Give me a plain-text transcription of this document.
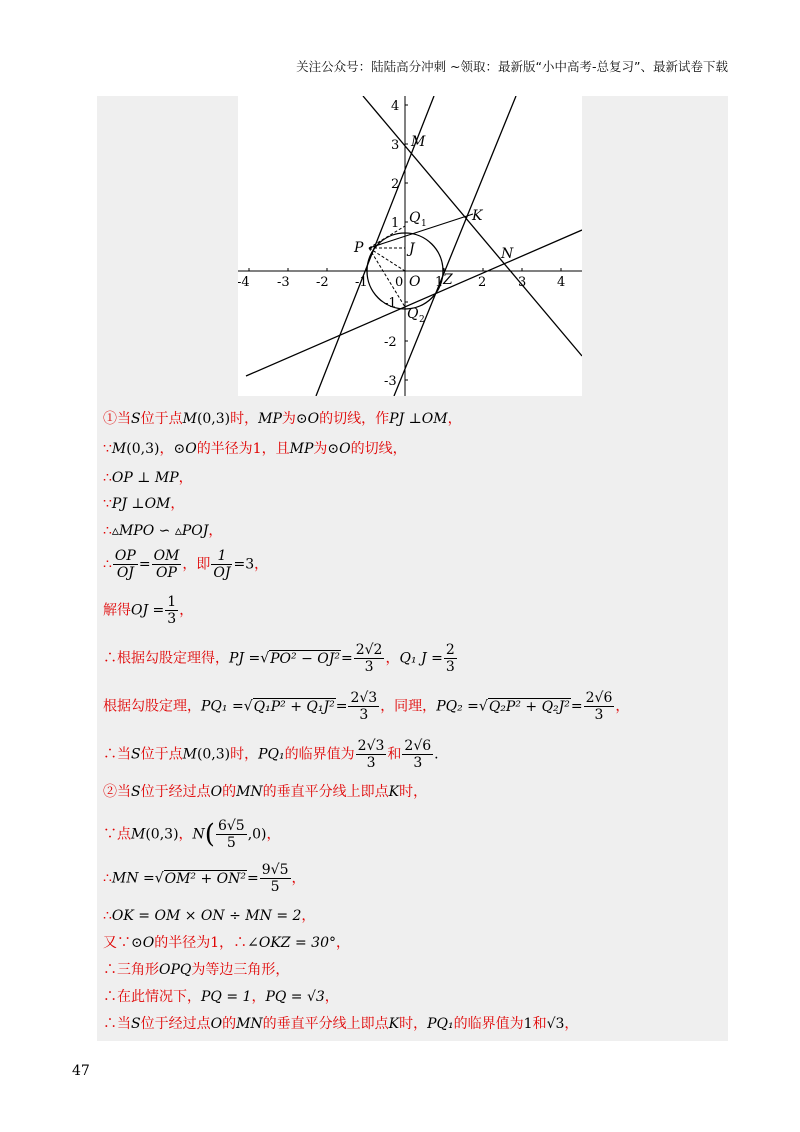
关注公众号：陆陆高分冲刺 ~领取：最新版“小中高考-总复习”、最新试卷下载
-4 -3 -2 -1 0 1	2 3 4
4
3
2
1
-1
-2
-3
M
K
Q 1
P	J	N
O Z
Q 2
①当S位于点M(0,3)时，MP为⊙O的切线，作PJ ⊥OM，
∵M(0,3)，⊙O的半径为1，且MP为⊙O的切线，
∴OP ⊥ MP，
∵PJ ⊥OM，
∴▵MPO ∽ ▵POJ，
∴ $\frac{OP}{OJ} = \frac{OM}{OP}$ ，即 $\frac{1}{OJ} =3$，
解得OJ = $\frac{1}{3}$ ，
∴根据勾股定理得，PJ $=√PO^2 - OJ^2= \frac{2√2}{3}$ ，Q₁ $J = \frac{2}{3}$
根据勾股定理，$PQ_1 =√Q_1P^2 + Q_1J^2= \frac{2√3}{3}$ ，同理，$PQ_2 =√Q_2P^2 + Q_2J^2= \frac{2√6}{3}$ ，
∴当S位于点M(0,3)时，PQ₁的临界值为 $\frac{2√3}{3}$ 和 $\frac{2√6}{3}$ .
②当S位于经过点O的MN的垂直平分线上即点K时，
∵点M(0,3)，$N( \frac{6√5}{5} ,0)$，
∴MN $=√OM^2 + ON^2= \frac{9√5}{5}$ ，
∴OK = OM × ON ÷ MN = 2，
又∵⊙O的半径为1，∴∠OKZ = 30°，
∴三角形OPQ为等边三角形，
∴在此情况下，PQ = 1，PQ = √3，
∴当S位于经过点O的MN的垂直平分线上即点K时，PQ₁的临界值为1和√3，
47
